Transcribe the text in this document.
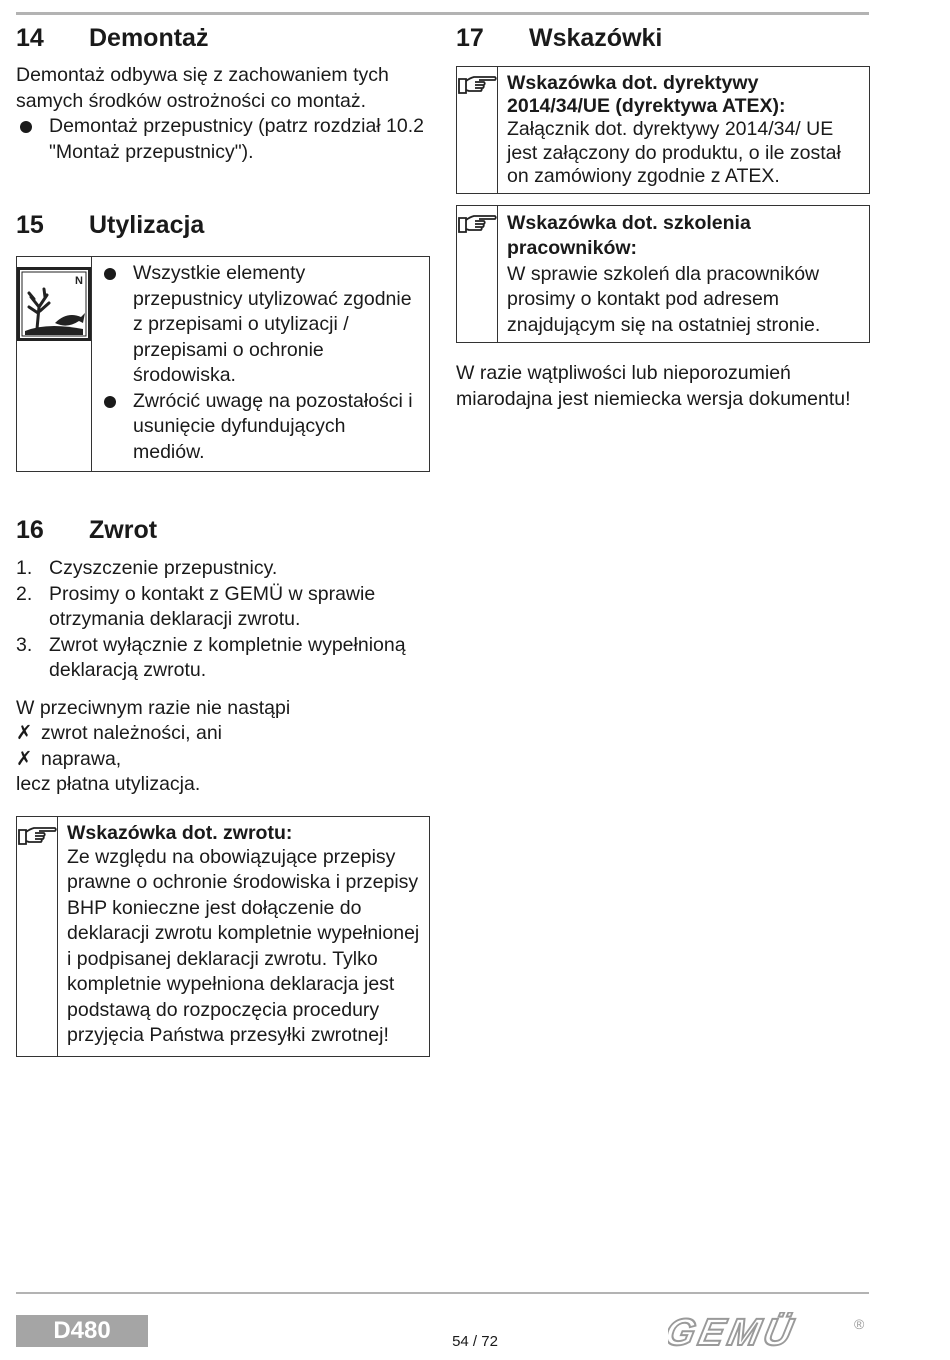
14	Demontaż

Demontaż odbywa się z zachowaniem tych samych środków ostrożności co montaż.

Demontaż przepustnicy (patrz rozdział 10.2 "Montaż przepustnicy").
15	Utylizacja
N	Wszystkie elementy przepustnicy utylizować zgodnie z przepisami o utylizacji / przepisami o ochronie środowiska.
Zwrócić uwagę na pozostałości i usunięcie dyfundujących mediów.
16	Zwrot
1. Czyszczenie przepustnicy.
2. Prosimy o kontakt z GEMÜ w sprawie otrzymania deklaracji zwrotu.
3. Zwrot wyłącznie z kompletnie wypełnioną deklaracją zwrotu.

W przeciwnym razie nie nastąpi

✗ zwrot należności, ani
✗ naprawa,

lecz płatna utylizacja.

Wskazówka dot. zwrotu:
Ze względu na obowiązujące przepisy prawne o ochronie środowiska i przepisy BHP konieczne jest dołączenie do deklaracji zwrotu kompletnie wypełnionej i podpisanej deklaracji zwrotu. Tylko kompletnie wypełniona deklaracja jest podstawą do rozpoczęcia procedury przyjęcia Państwa przesyłki zwrotnej!
17	Wskazówki
Wskazówka dot. dyrektywy 2014/34/UE (dyrektywa ATEX):
Załącznik dot. dyrektywy 2014/34/ UE jest załączony do produktu, o ile został on zamówiony zgodnie z ATEX.
Wskazówka dot. szkolenia pracowników:
W sprawie szkoleń dla pracowników prosimy o kontakt pod adresem znajdującym się na ostatniej stronie.

W razie wątpliwości lub nieporozumień miarodajna jest niemiecka wersja dokumentu!

D480	54 / 72	GEMÜ	®
